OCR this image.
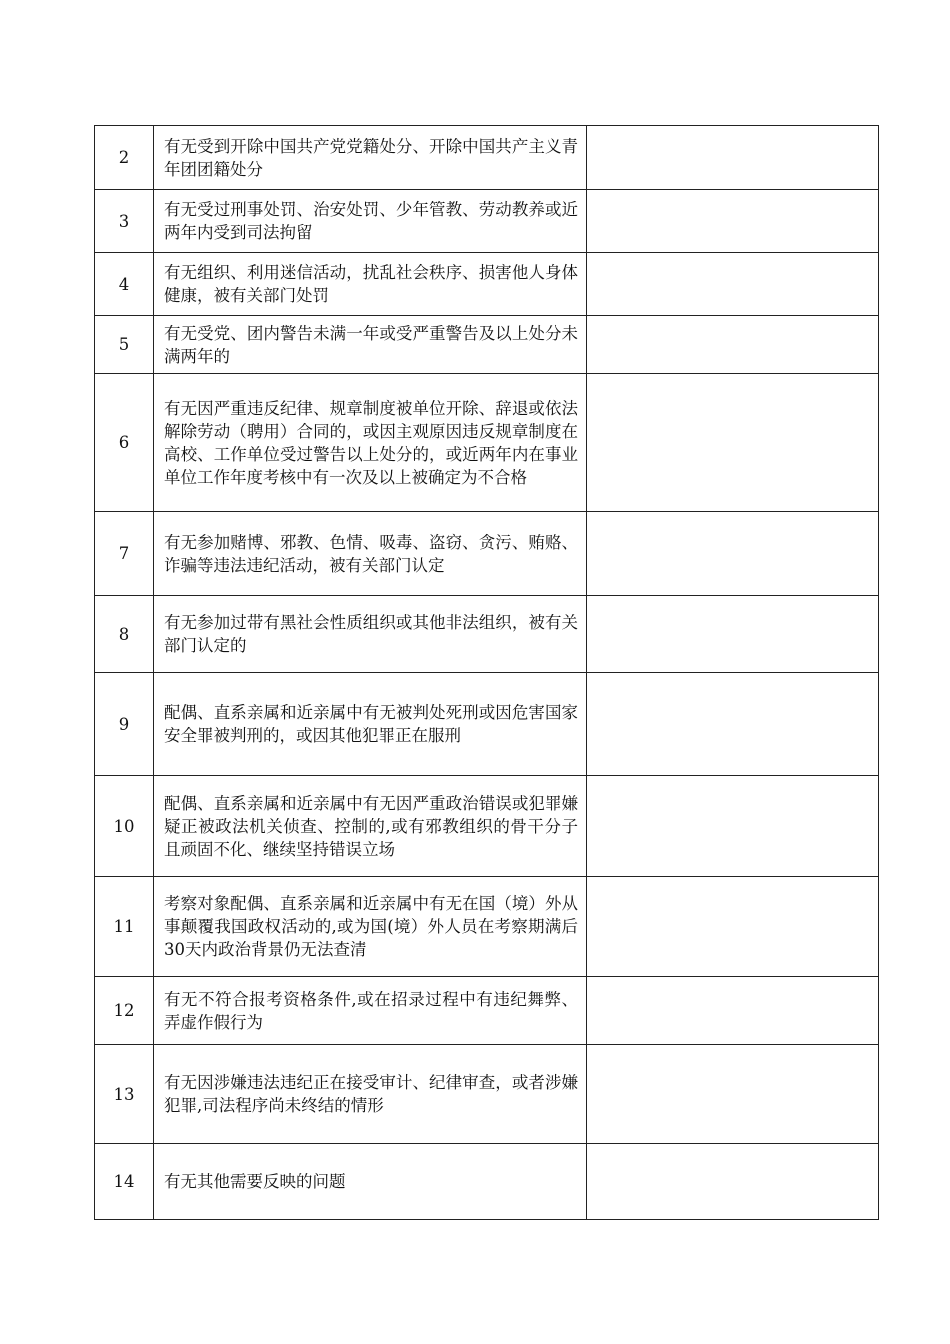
2	有无受到开除中国共产党党籍处分、开除中国共产主义青年团团籍处分	
3	有无受过刑事处罚、治安处罚、少年管教、劳动教养或近两年内受到司法拘留	
4	有无组织、利用迷信活动，扰乱社会秩序、损害他人身体健康，被有关部门处罚	
5	有无受党、团内警告未满一年或受严重警告及以上处分未满两年的	
6	有无因严重违反纪律、规章制度被单位开除、辞退或依法解除劳动（聘用）合同的，或因主观原因违反规章制度在高校、工作单位受过警告以上处分的，或近两年内在事业单位工作年度考核中有一次及以上被确定为不合格	
7	有无参加赌博、邪教、色情、吸毒、盗窃、贪污、贿赂、诈骗等违法违纪活动，被有关部门认定	
8	有无参加过带有黑社会性质组织或其他非法组织，被有关部门认定的	
9	配偶、直系亲属和近亲属中有无被判处死刑或因危害国家安全罪被判刑的，或因其他犯罪正在服刑	
10	配偶、直系亲属和近亲属中有无因严重政治错误或犯罪嫌疑正被政法机关侦查、控制的,或有邪教组织的骨干分子且顽固不化、继续坚持错误立场	
11	考察对象配偶、直系亲属和近亲属中有无在国（境）外从事颠覆我国政权活动的,或为国(境）外人员在考察期满后30天内政治背景仍无法查清	
12	有无不符合报考资格条件,或在招录过程中有违纪舞弊、弄虚作假行为	
13	有无因涉嫌违法违纪正在接受审计、纪律审查，或者涉嫌犯罪,司法程序尚未终结的情形	
14	有无其他需要反映的问题	
